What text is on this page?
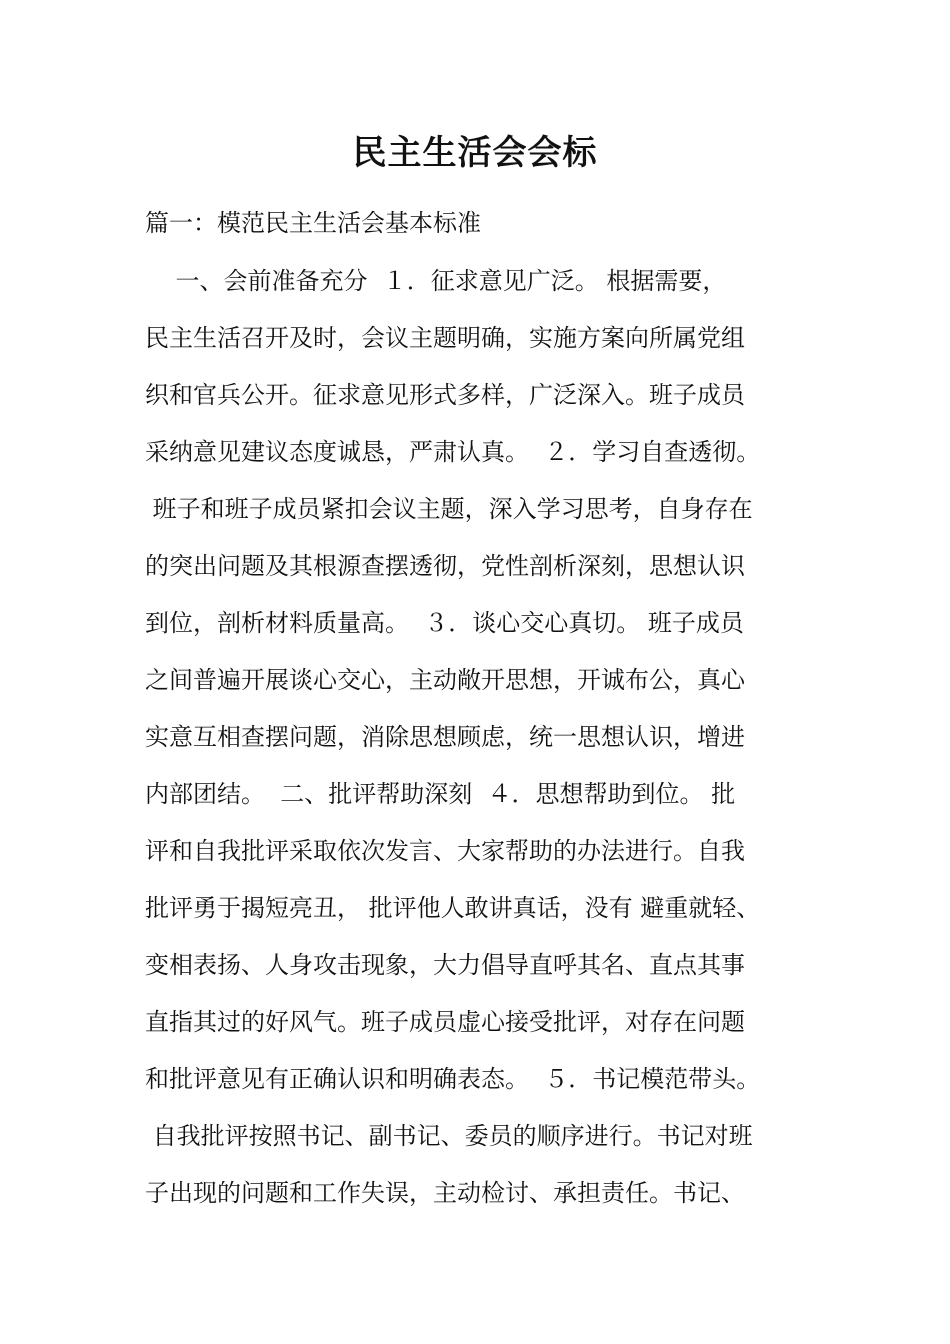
民主生活会会标
篇一：模范民主生活会基本标准
一、会前准备充分  １．征求意见广泛。 根据需要，
民主生活召开及时，会议主题明确，实施方案向所属党组
织和官兵公开。征求意见形式多样，广泛深入。班子成员
采纳意见建议态度诚恳，严肃认真。  ２．学习自查透彻。
班子和班子成员紧扣会议主题，深入学习思考，自身存在
的突出问题及其根源查摆透彻，党性剖析深刻，思想认识
到位，剖析材料质量高。  ３．谈心交心真切。 班子成员
之间普遍开展谈心交心，主动敞开思想，开诚布公，真心
实意互相查摆问题，消除思想顾虑，统一思想认识，增进
内部团结。  二、批评帮助深刻  ４．思想帮助到位。 批
评和自我批评采取依次发言、大家帮助的办法进行。自我
批评勇于揭短亮丑， 批评他人敢讲真话，没有 避重就轻、
变相表扬、人身攻击现象，大力倡导直呼其名、直点其事
直指其过的好风气。班子成员虚心接受批评，对存在问题
和批评意见有正确认识和明确表态。  ５．书记模范带头。
自我批评按照书记、副书记、委员的顺序进行。书记对班
子出现的问题和工作失误，主动检讨、承担责任。书记、
